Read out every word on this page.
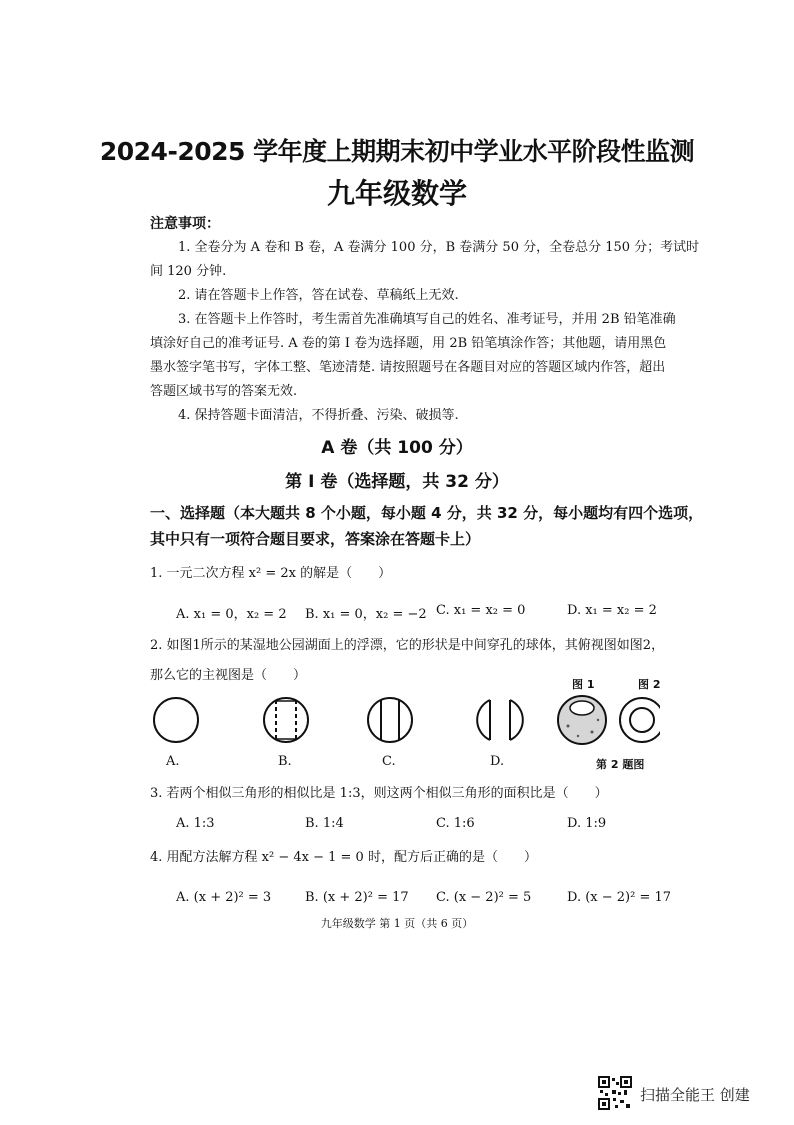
2024-2025 学年度上期期末初中学业水平阶段性监测
九年级数学
注意事项：
1. 全卷分为 A 卷和 B 卷，A 卷满分 100 分，B 卷满分 50 分，全卷总分 150 分；考试时
间 120 分钟.
2. 请在答题卡上作答，答在试卷、草稿纸上无效.
3. 在答题卡上作答时，考生需首先准确填写自己的姓名、准考证号，并用 2B 铅笔准确
填涂好自己的准考证号. A 卷的第 I 卷为选择题，用 2B 铅笔填涂作答；其他题，请用黑色
墨水签字笔书写，字体工整、笔迹清楚. 请按照题号在各题目对应的答题区域内作答，超出
答题区域书写的答案无效.
4. 保持答题卡面清洁，不得折叠、污染、破损等.
A 卷（共 100 分）
第 I 卷（选择题，共 32 分）
一、选择题（本大题共 8 个小题，每小题 4 分，共 32 分，每小题均有四个选项，
其中只有一项符合题目要求，答案涂在答题卡上）
1. 一元二次方程 x² = 2x 的解是（　　）
A. x₁ = 0，x₂ = 2 B. x₁ = 0，x₂ = −2 C. x₁ = x₂ = 0	D. x₁ = x₂ = 2
2. 如图1所示的某湿地公园湖面上的浮漂，它的形状是中间穿孔的球体，其俯视图如图2，
那么它的主视图是（　　）
图 1	图 2
A.	B.	C.	D.	第 2 题图
3. 若两个相似三角形的相似比是 1:3，则这两个相似三角形的面积比是（　　）
A. 1:3	B. 1:4	C. 1:6	D. 1:9
4. 用配方法解方程 x² − 4x − 1 = 0 时，配方后正确的是（　　）
A. (x + 2)² = 3	B. (x + 2)² = 17 C. (x − 2)² = 5	D. (x − 2)² = 17
九年级数学 第 1 页（共 6 页）
扫描全能王 创建
